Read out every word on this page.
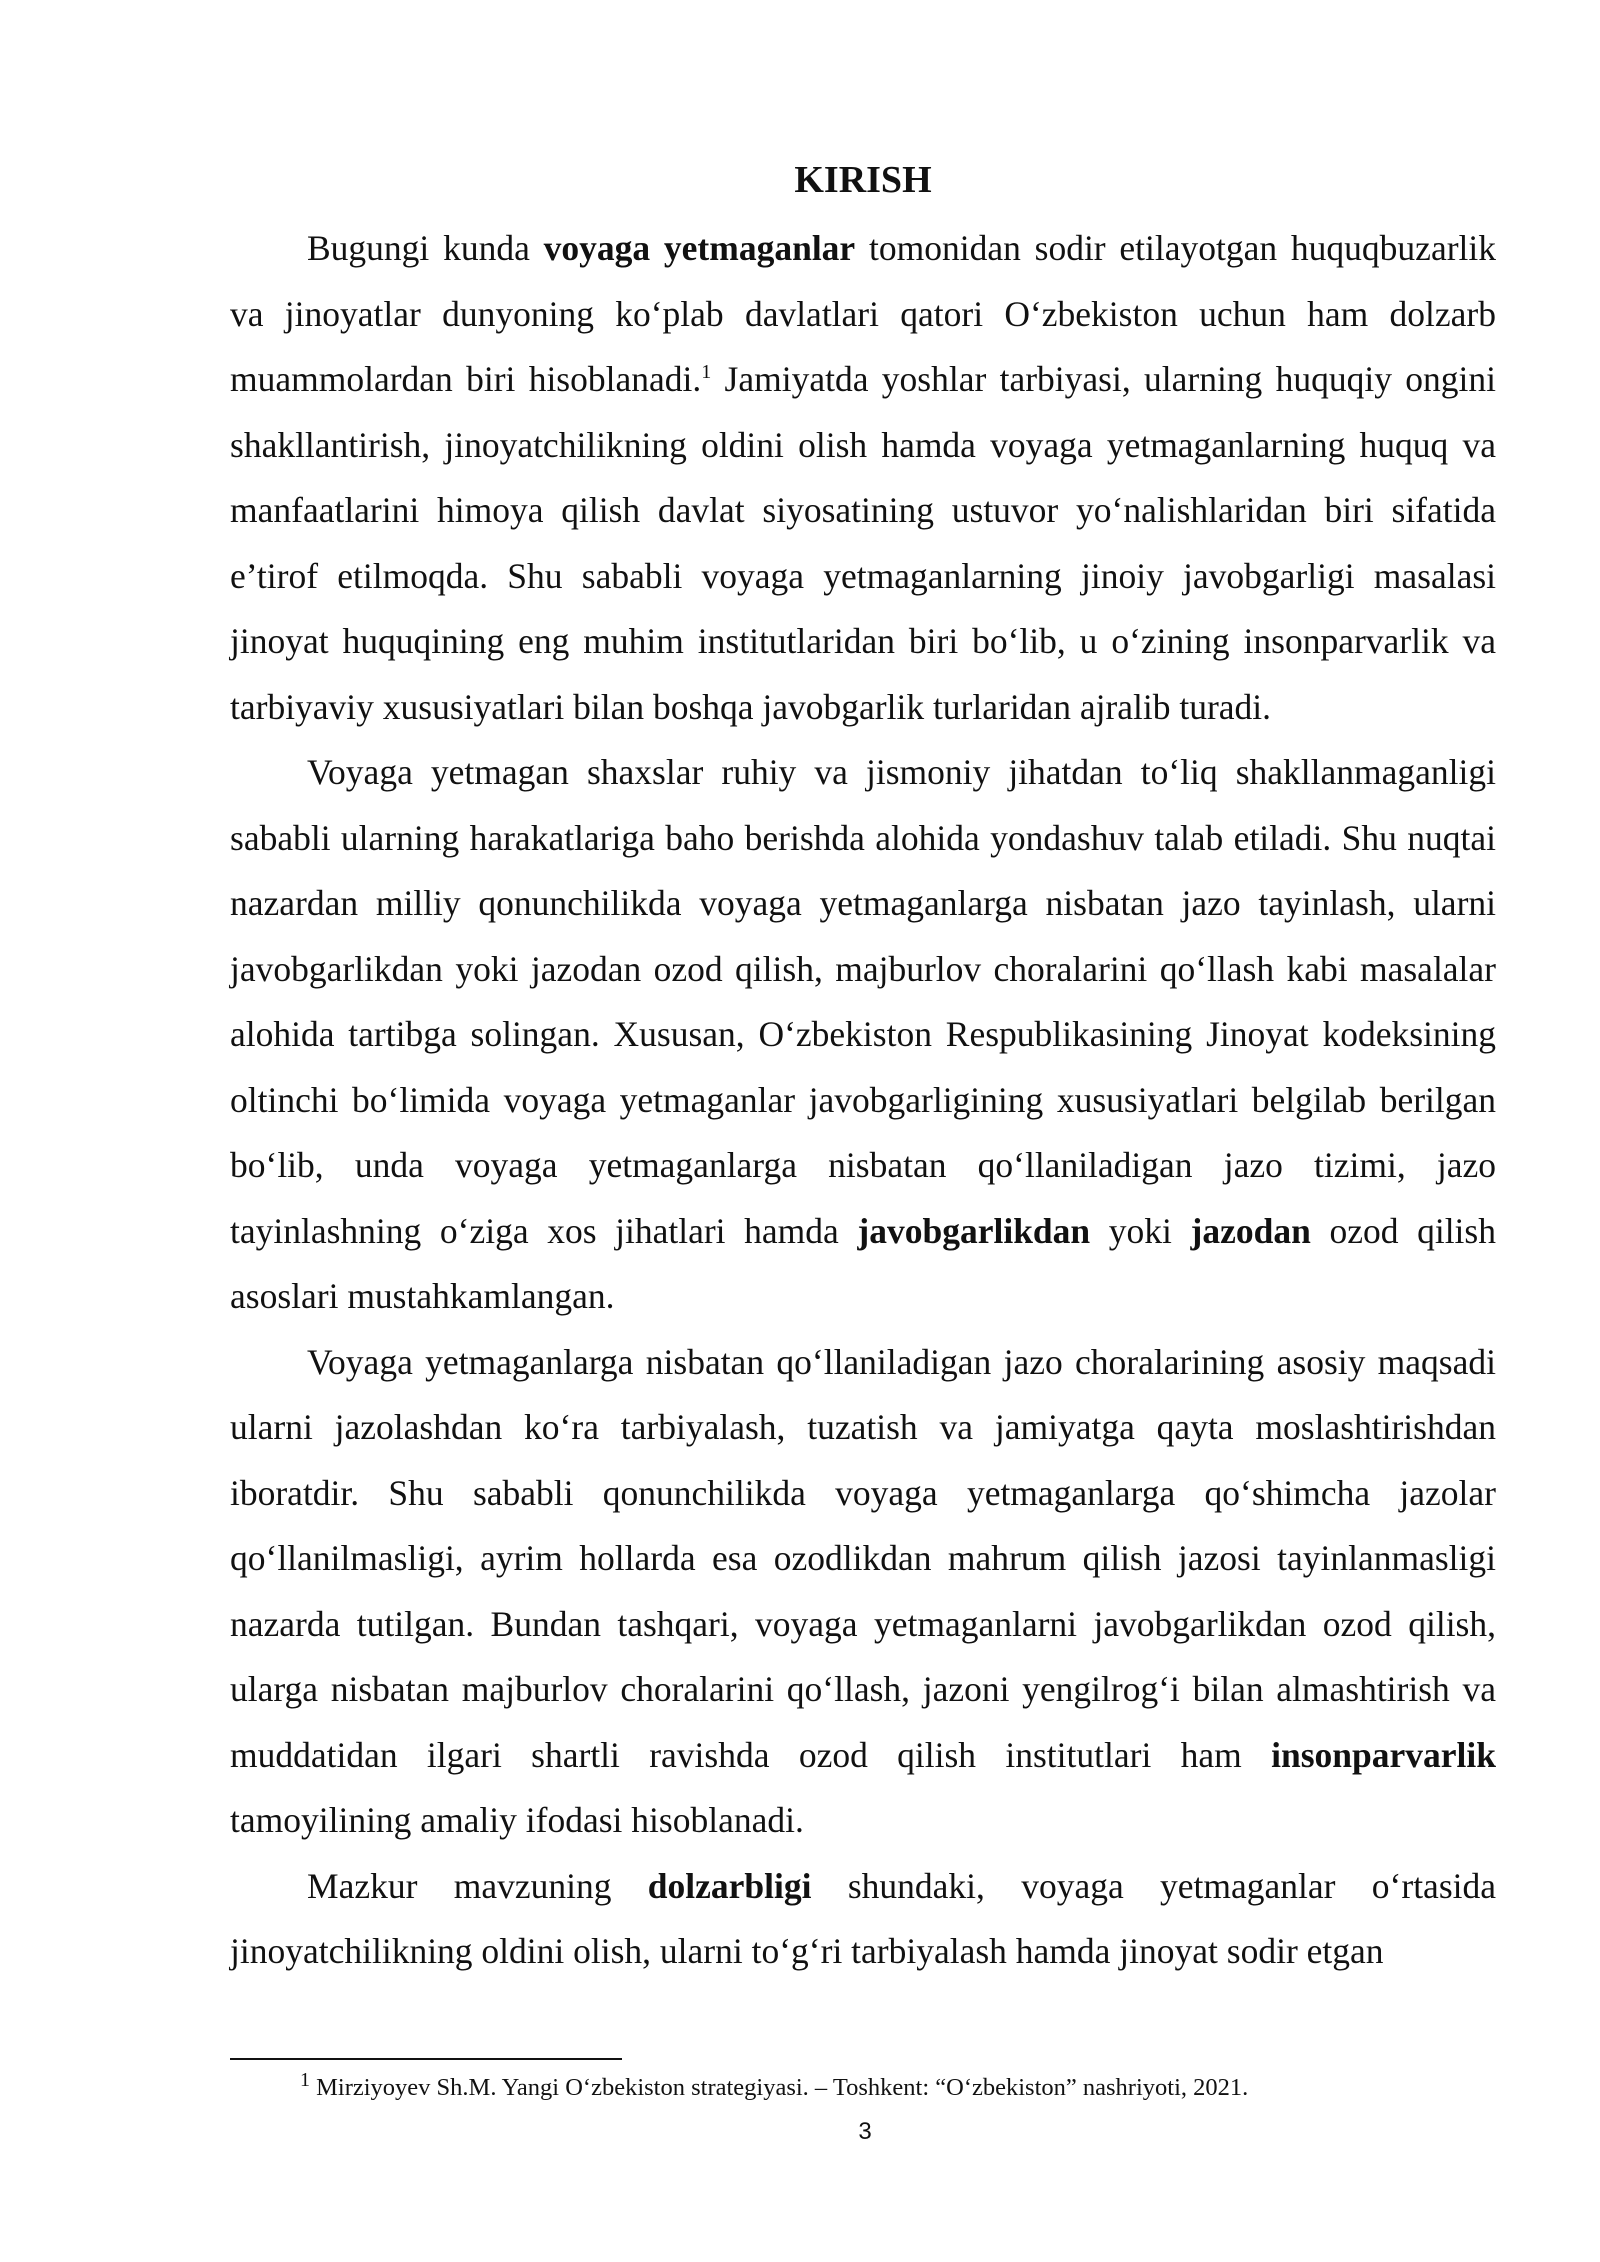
KIRISH

Bugungi kunda voyaga yetmaganlar tomonidan sodir etilayotgan huquqbuzarlik va jinoyatlar dunyoning ko‘plab davlatlari qatori O‘zbekiston uchun ham dolzarb muammolardan biri hisoblanadi.$^1$ Jamiyatda yoshlar tarbiyasi, ularning huquqiy ongini shakllantirish, jinoyatchilikning oldini olish hamda voyaga yetmaganlarning huquq va manfaatlarini himoya qilish davlat siyosatining ustuvor yo‘nalishlaridan biri sifatida e’tirof etilmoqda. Shu sababli voyaga yetmaganlarning jinoiy javobgarligi masalasi jinoyat huquqining eng muhim institutlaridan biri bo‘lib, u o‘zining insonparvarlik va tarbiyaviy xususiyatlari bilan boshqa javobgarlik turlaridan ajralib turadi.

Voyaga yetmagan shaxslar ruhiy va jismoniy jihatdan to‘liq shakllanmaganligi sababli ularning harakatlariga baho berishda alohida yondashuv talab etiladi. Shu nuqtai nazardan milliy qonunchilikda voyaga yetmaganlarga nisbatan jazo tayinlash, ularni javobgarlikdan yoki jazodan ozod qilish, majburlov choralarini qo‘llash kabi masalalar alohida tartibga solingan. Xususan, O‘zbekiston Respublikasining Jinoyat kodeksining oltinchi bo‘limida voyaga yetmaganlar javobgarligining xususiyatlari belgilab berilgan bo‘lib, unda voyaga yetmaganlarga nisbatan qo‘llaniladigan jazo tizimi, jazo tayinlashning o‘ziga xos jihatlari hamda javobgarlikdan yoki jazodan ozod qilish asoslari mustahkamlangan.

Voyaga yetmaganlarga nisbatan qo‘llaniladigan jazo choralarining asosiy maqsadi ularni jazolashdan ko‘ra tarbiyalash, tuzatish va jamiyatga qayta moslashtirishdan iboratdir. Shu sababli qonunchilikda voyaga yetmaganlarga qo‘shimcha jazolar qo‘llanilmasligi, ayrim hollarda esa ozodlikdan mahrum qilish jazosi tayinlanmasligi nazarda tutilgan. Bundan tashqari, voyaga yetmaganlarni javobgarlikdan ozod qilish, ularga nisbatan majburlov choralarini qo‘llash, jazoni yengilrog‘i bilan almashtirish va muddatidan ilgari shartli ravishda ozod qilish institutlari ham insonparvarlik tamoyilining amaliy ifodasi hisoblanadi.

Mazkur mavzuning dolzarbligi shundaki, voyaga yetmaganlar o‘rtasida jinoyatchilikning oldini olish, ularni to‘g‘ri tarbiyalash hamda jinoyat sodir etgan

$^1$ Mirziyoyev Sh.M. Yangi O‘zbekiston strategiyasi. – Toshkent: “O‘zbekiston” nashriyoti, 2021.
3
